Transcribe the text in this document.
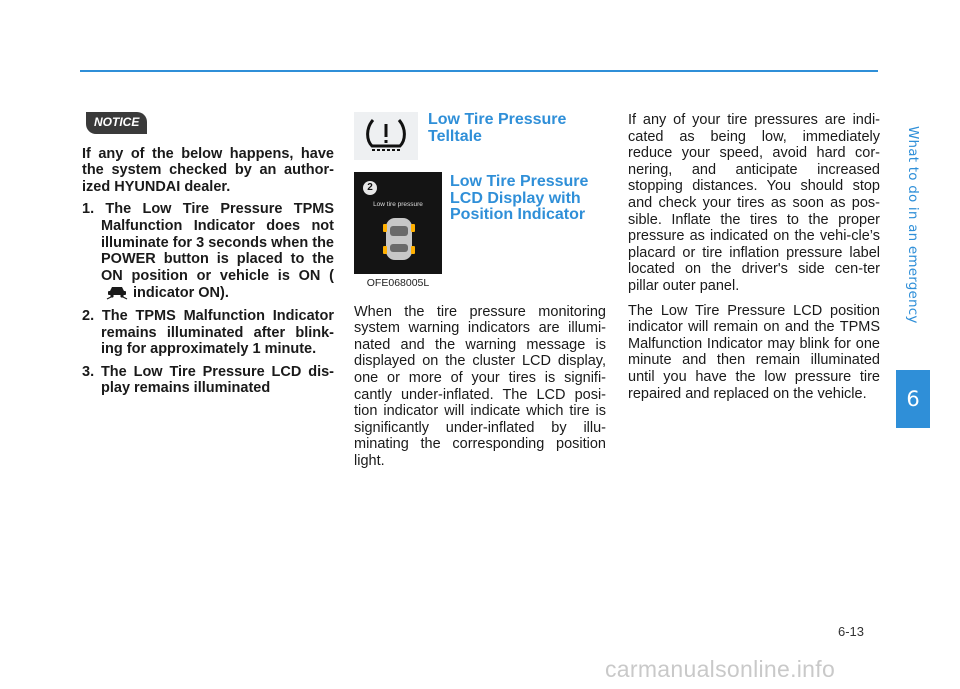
What to do in an emergency
6
NOTICE
If any of the below happens, have the system checked by an author-ized HYUNDAI dealer.
1. The Low Tire Pressure TPMS Malfunction Indicator does not illuminate for 3 seconds when the POWER button is placed to the ON position or vehicle is ON (indicator ON).
2. The TPMS Malfunction Indicator remains illuminated after blink-ing for approximately 1 minute.
3. The Low Tire Pressure LCD dis-play remains illuminated
Low Tire Pressure Telltale
2
Low tire pressure
OFE068005L
Low Tire Pressure LCD Display with Position Indicator
When the tire pressure monitoring system warning indicators are illumi-nated and the warning message is displayed on the cluster LCD display, one or more of your tires is signifi-cantly under-inflated. The LCD posi-tion indicator will indicate which tire is significantly under-inflated by illu-minating the corresponding position light.
If any of your tire pressures are indi-cated as being low, immediately reduce your speed, avoid hard cor-nering, and anticipate increased stopping distances. You should stop and check your tires as soon as pos-sible. Inflate the tires to the proper pressure as indicated on the vehi-cle’s placard or tire inflation pressure label located on the driver's side cen-ter pillar outer panel.
The Low Tire Pressure LCD position indicator will remain on and the TPMS Malfunction Indicator may blink for one minute and then remain illuminated until you have the low pressure tire repaired and replaced on the vehicle.
6-13
carmanualsonline.info
